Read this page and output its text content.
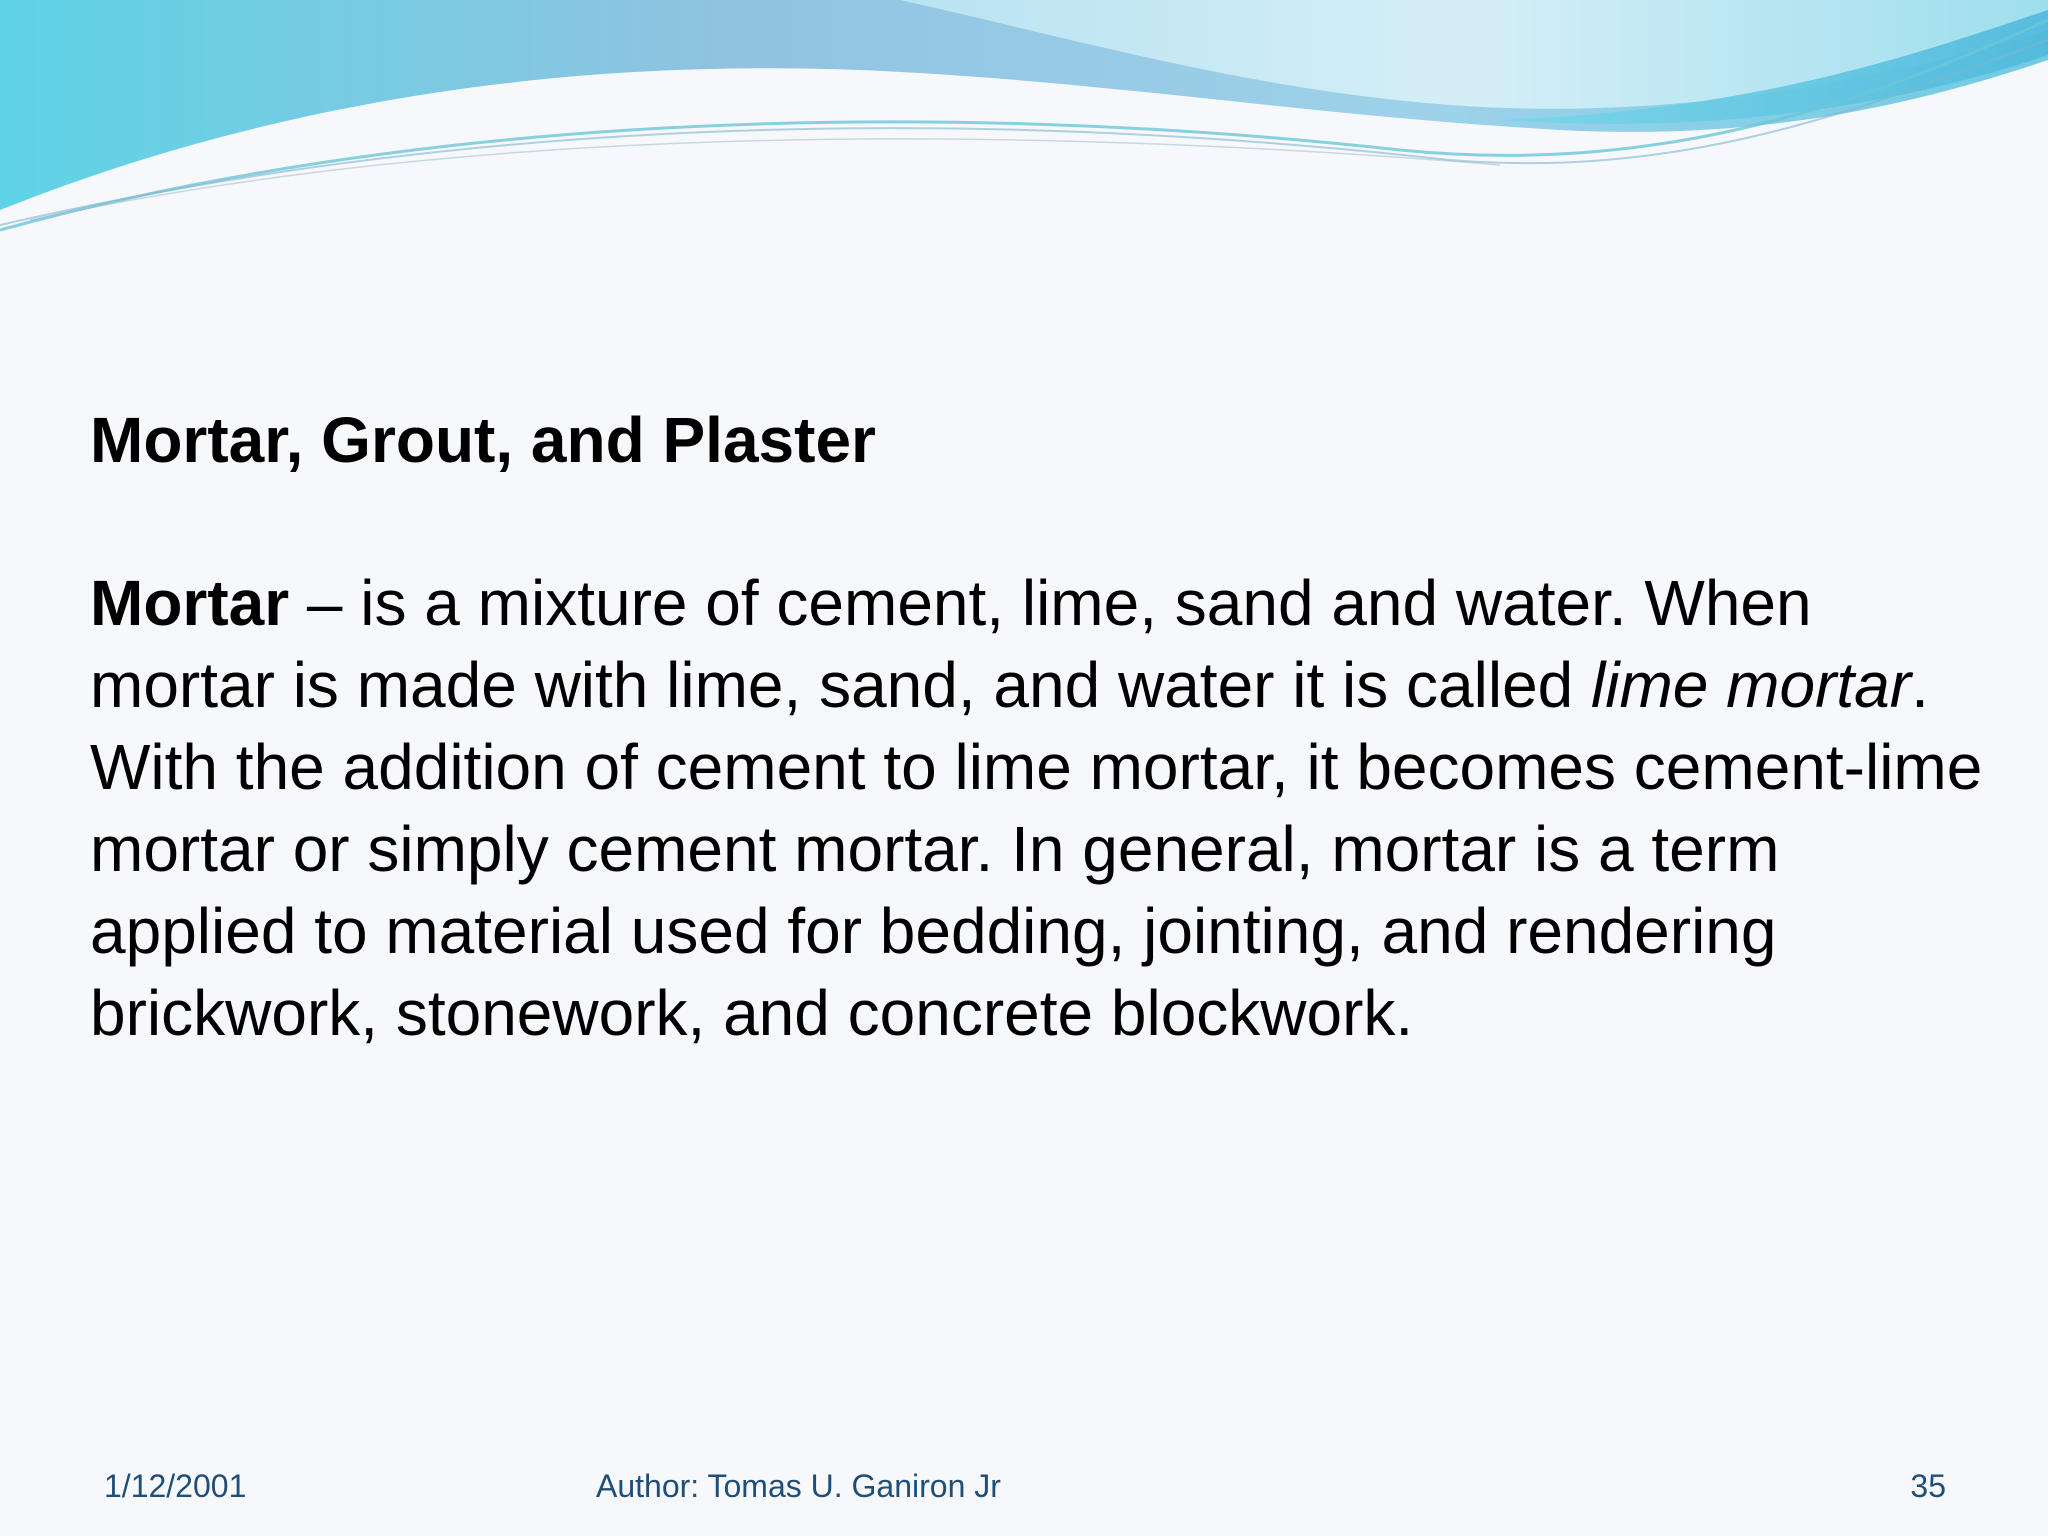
Mortar, Grout, and Plaster

Mortar – is a mixture of cement, lime, sand and water. When mortar is made with lime, sand, and water it is called lime mortar. With the addition of cement to lime mortar, it becomes cement-lime mortar or simply cement mortar. In general, mortar is a term applied to material used for bedding, jointing, and rendering brickwork, stonework, and concrete blockwork.

1/12/2001	Author: Tomas U. Ganiron Jr	35
